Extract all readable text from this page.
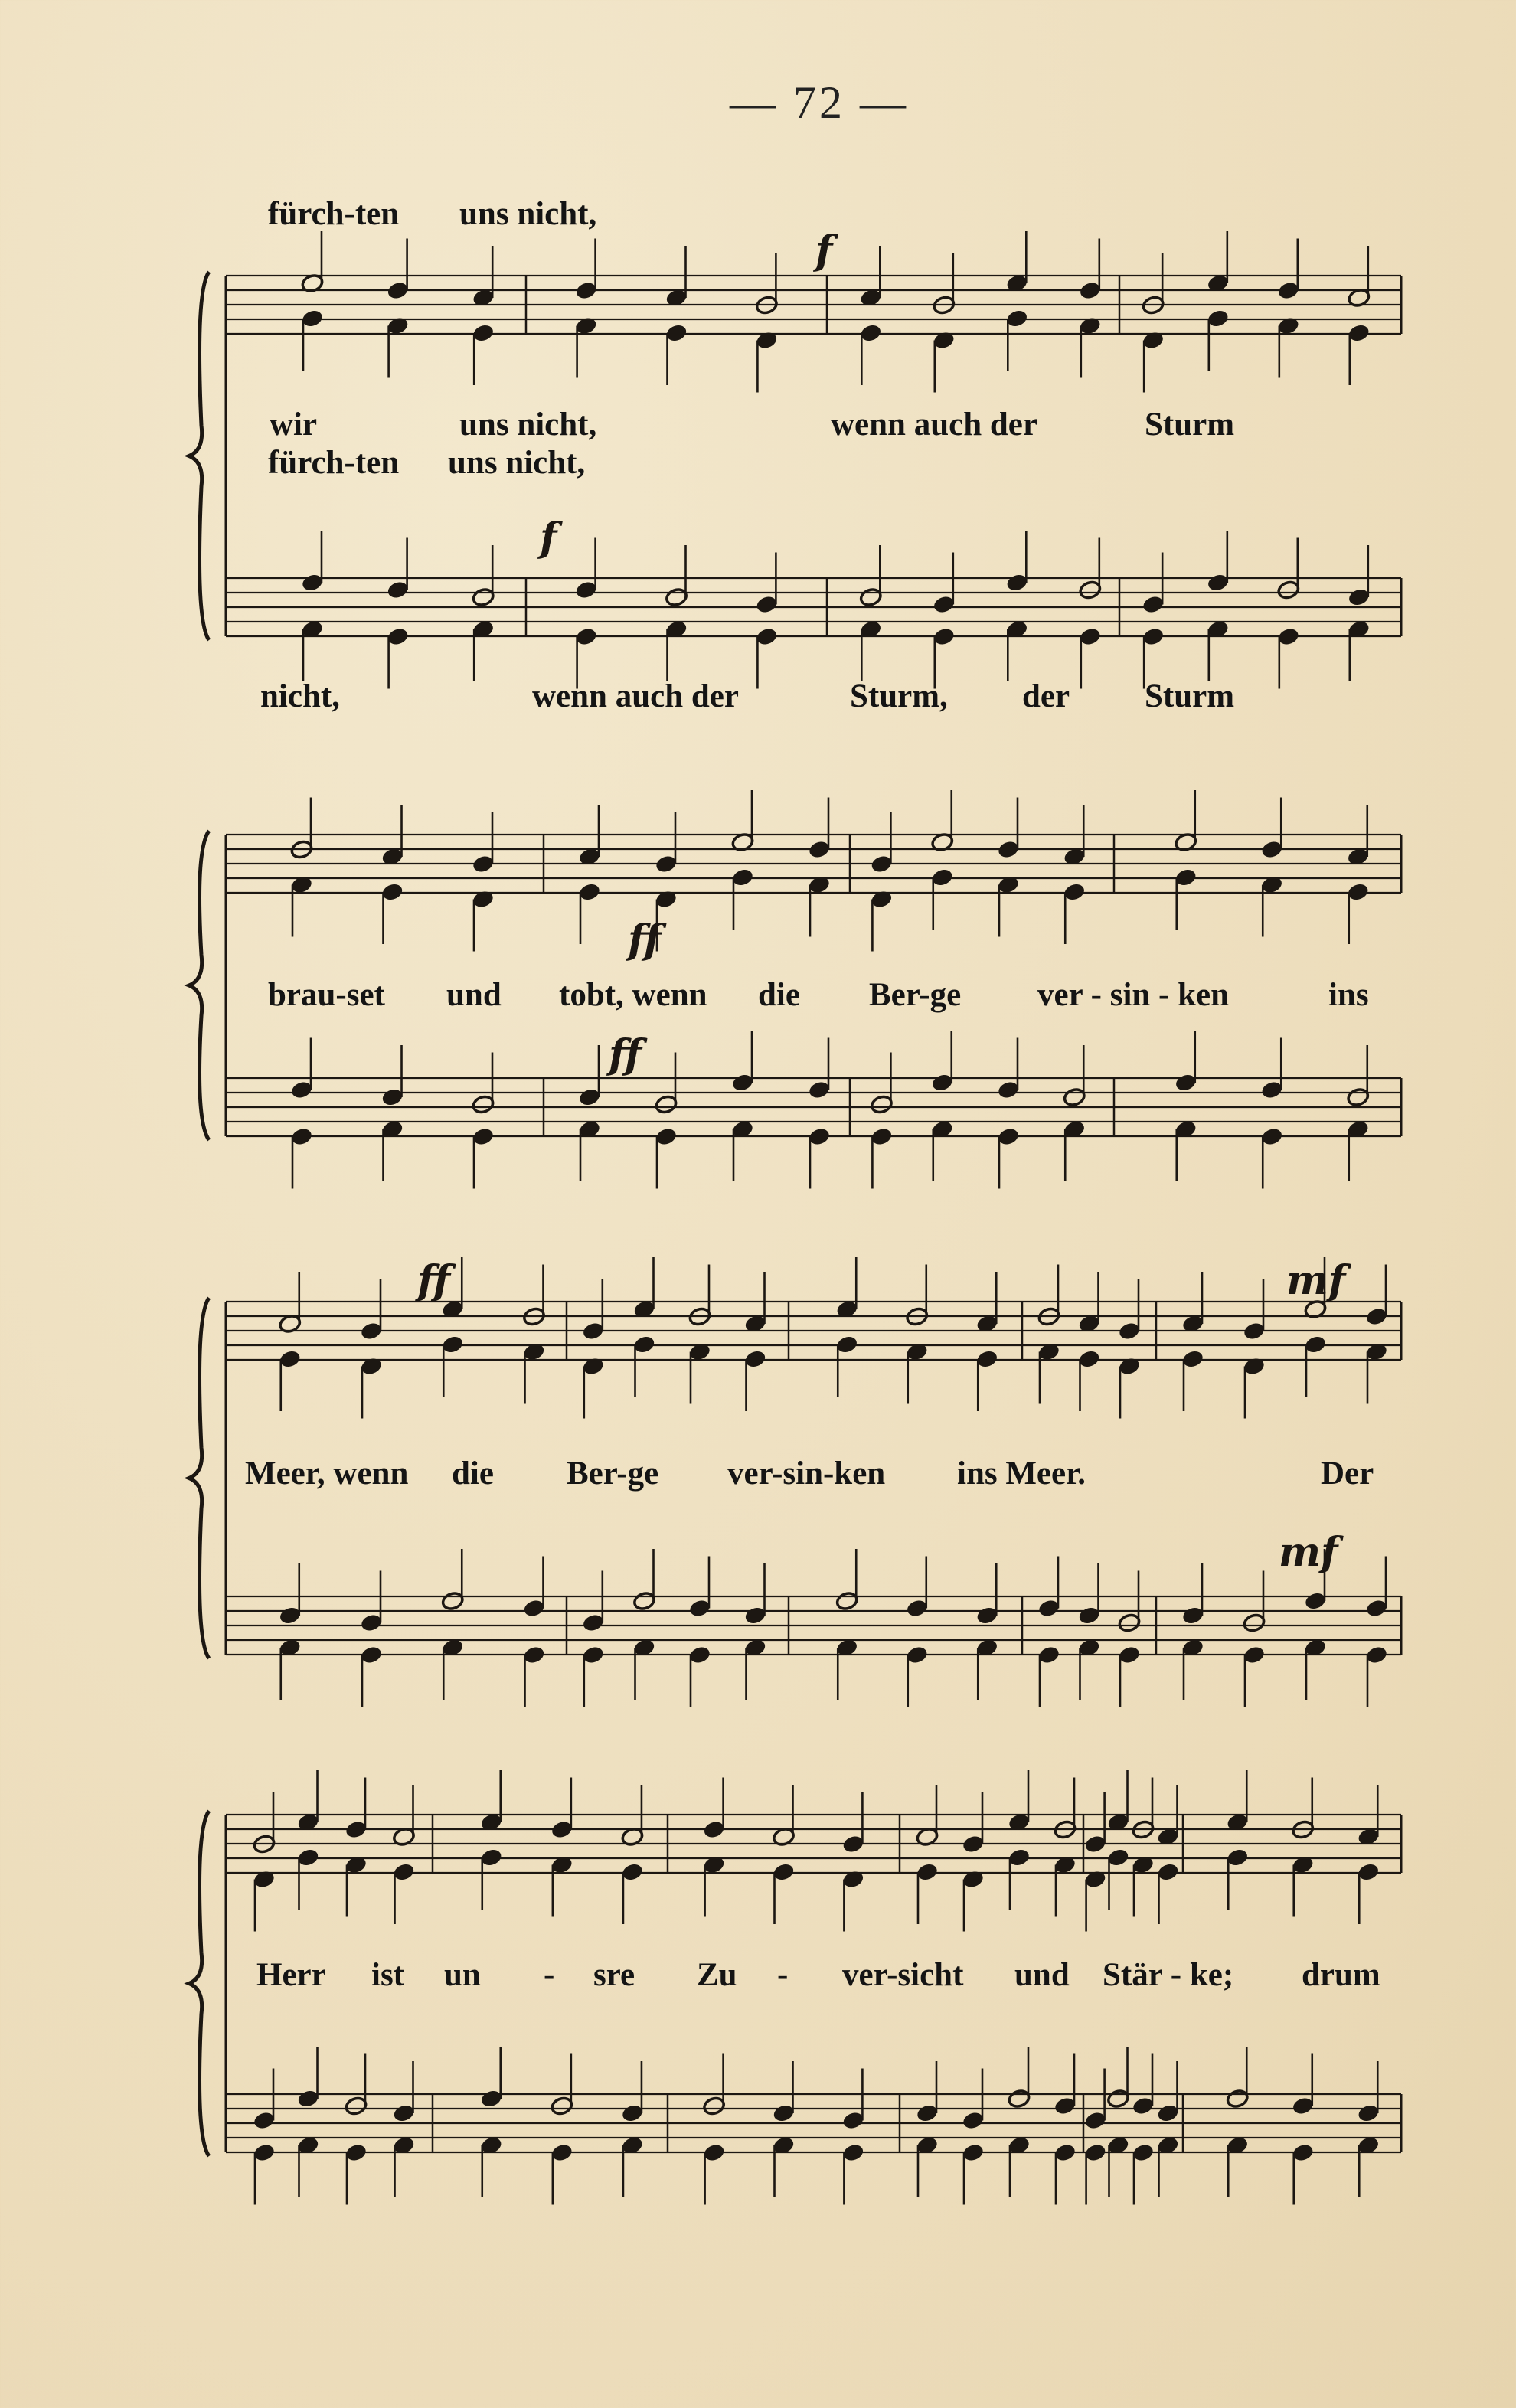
— 72 —
fürch-ten uns nicht,
wir	uns nicht,	wenn auch der	Sturm
fürch-ten uns nicht,
nicht,	wenn auch der	Sturm, der Sturm
brau-set und tobt, wenn die Ber-ge ver - sin - ken	ins
Meer, wenn die Ber-ge ver-sin-ken ins Meer.	Der
Herr ist un - sre Zu - ver-sicht und Stär - ke; drum
f
f
ff
ff
ff	mf
mf
